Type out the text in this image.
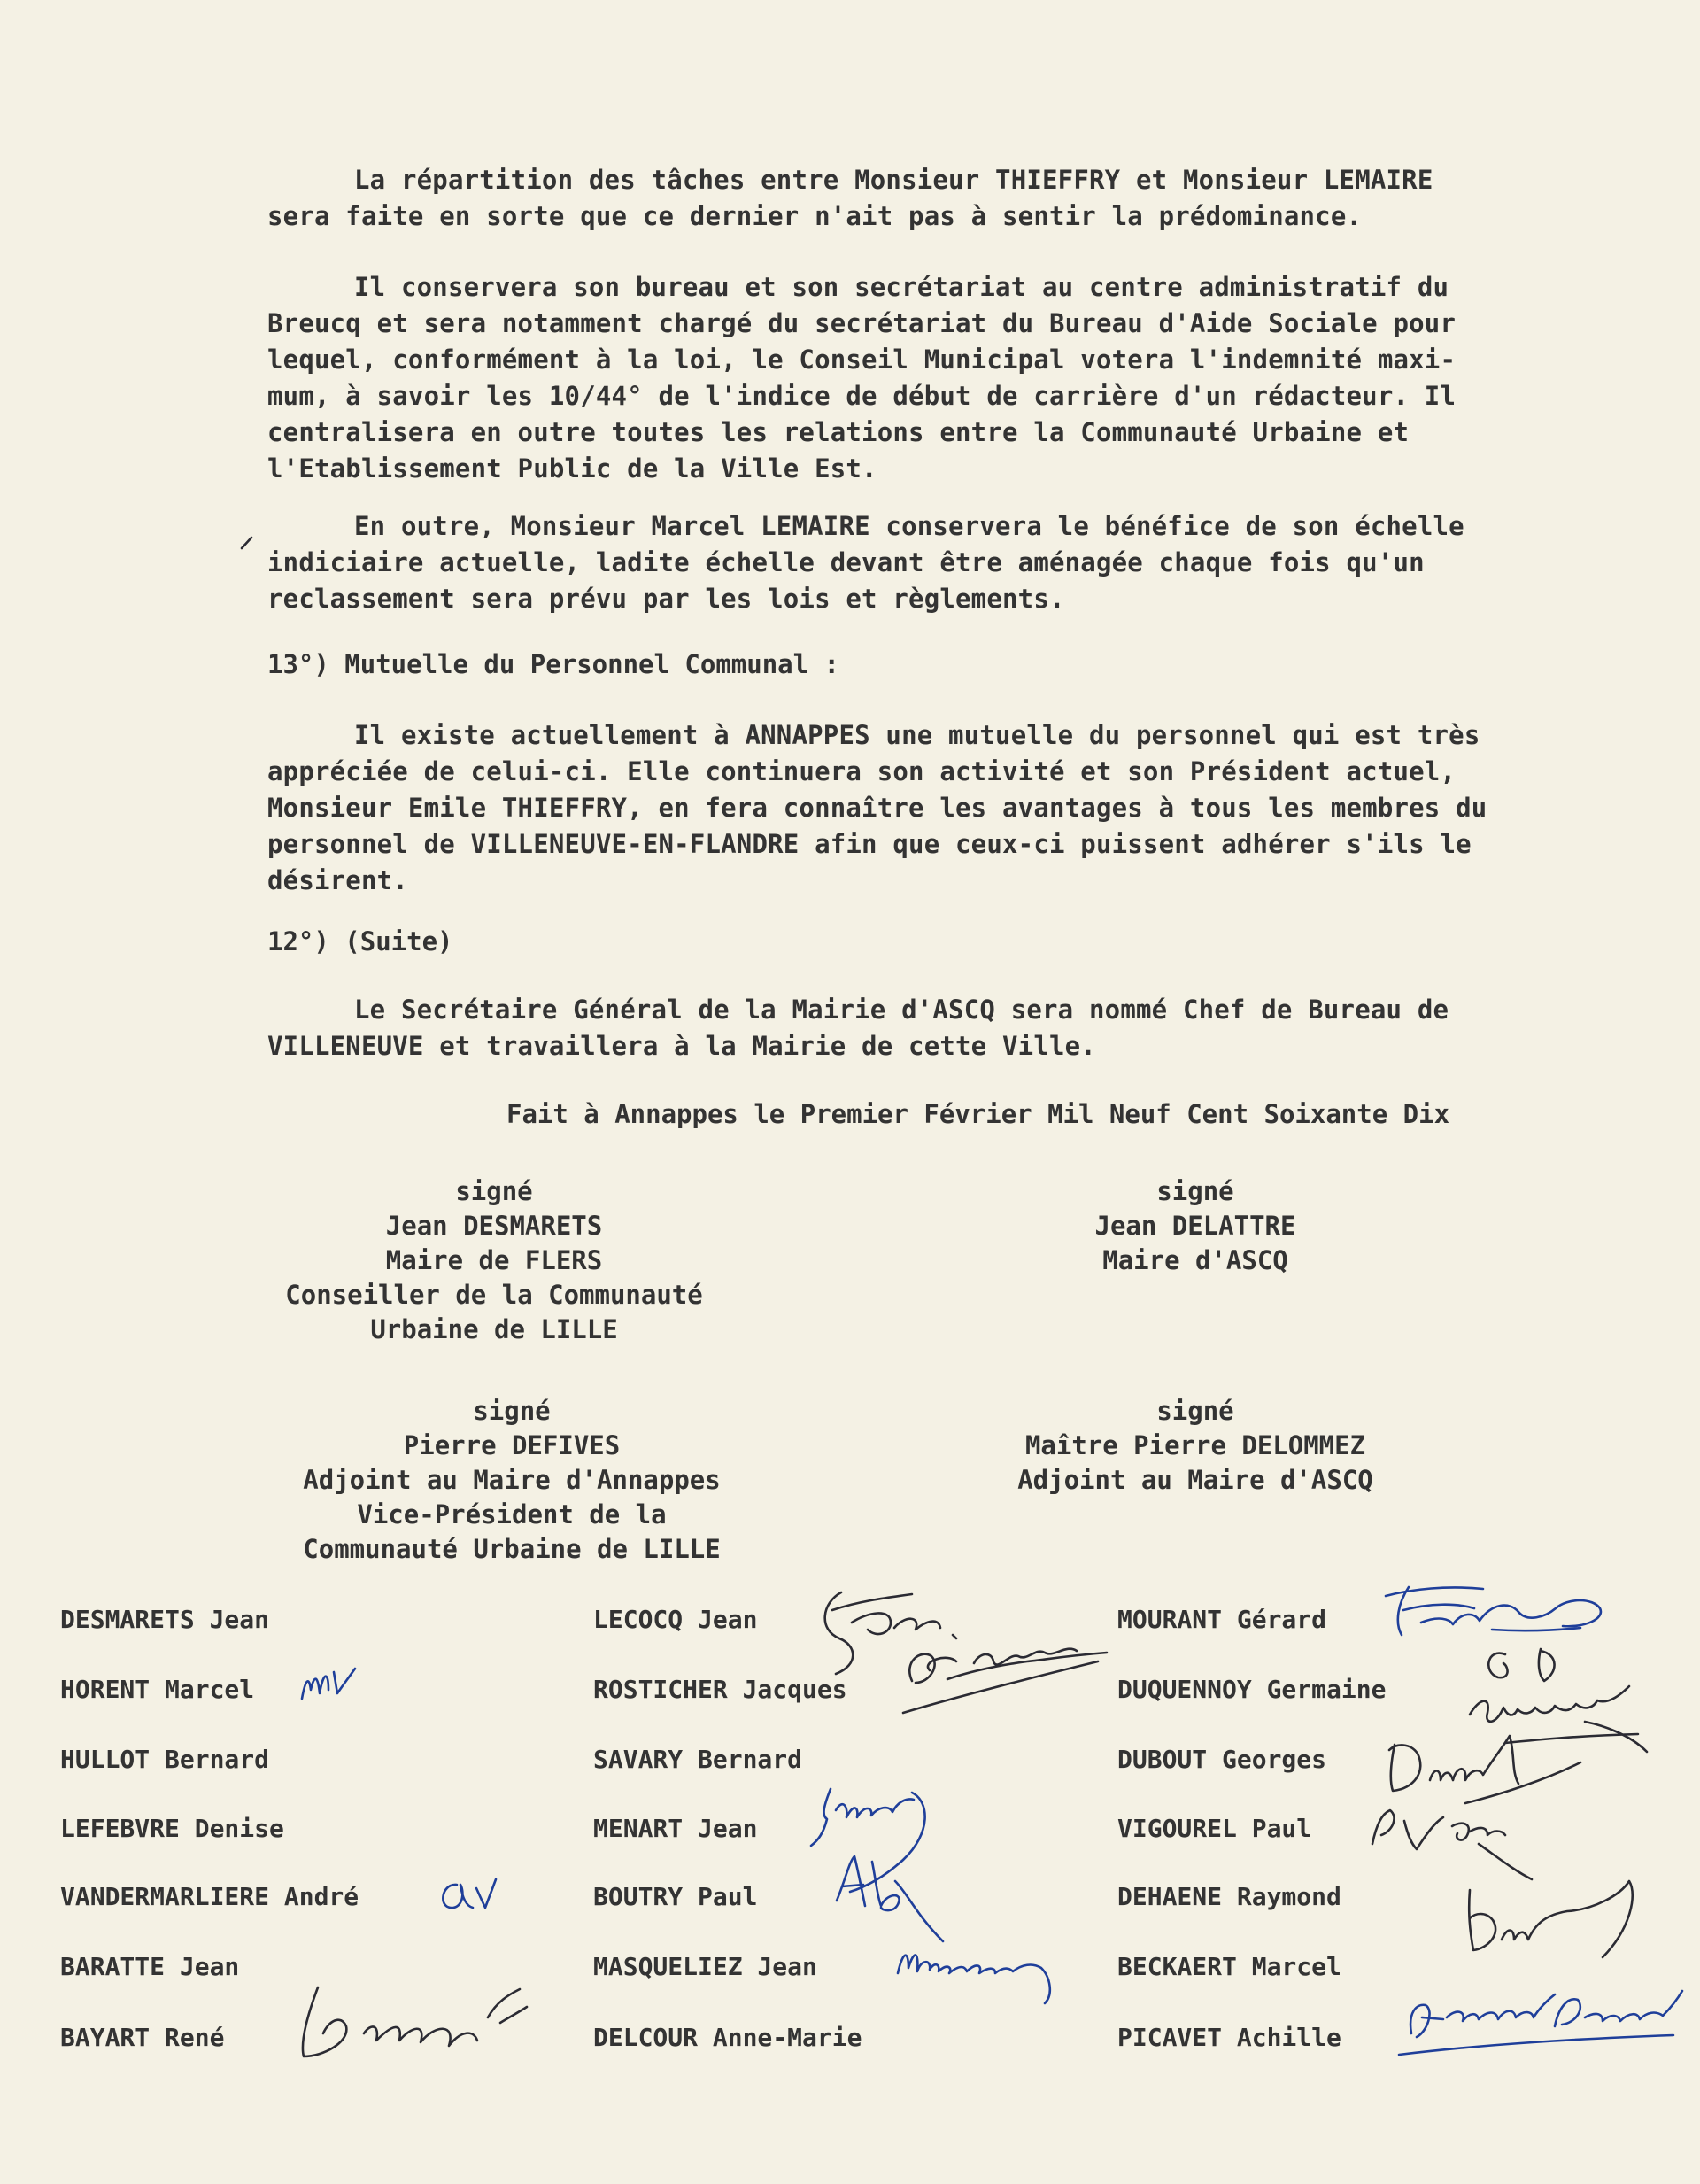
La répartition des tâches entre Monsieur THIEFFRY et Monsieur LEMAIRE
sera faite en sorte que ce dernier n'ait pas à sentir la prédominance.
Il conservera son bureau et son secrétariat au centre administratif du
Breucq et sera notamment chargé du secrétariat du Bureau d'Aide Sociale pour
lequel, conformément à la loi, le Conseil Municipal votera l'indemnité maxi-
mum, à savoir les 10/44° de l'indice de début de carrière d'un rédacteur. Il
centralisera en outre toutes les relations entre la Communauté Urbaine et
l'Etablissement Public de la Ville Est.
En outre, Monsieur Marcel LEMAIRE conservera le bénéfice de son échelle
indiciaire actuelle, ladite échelle devant être aménagée chaque fois qu'un
reclassement sera prévu par les lois et règlements.
13°) Mutuelle du Personnel Communal :
Il existe actuellement à ANNAPPES une mutuelle du personnel qui est très
appréciée de celui-ci. Elle continuera son activité et son Président actuel,
Monsieur Emile THIEFFRY, en fera connaître les avantages à tous les membres du
personnel de VILLENEUVE-EN-FLANDRE afin que ceux-ci puissent adhérer s'ils le
désirent.
12°) (Suite)
Le Secrétaire Général de la Mairie d'ASCQ sera nommé Chef de Bureau de
VILLENEUVE et travaillera à la Mairie de cette Ville.
Fait à Annappes le Premier Février Mil Neuf Cent Soixante Dix
signé
Jean DESMARETS
Maire de FLERS
Conseiller de la Communauté
Urbaine de LILLE
signé
Jean DELATTRE
Maire d'ASCQ
signé
Pierre DEFIVES
Adjoint au Maire d'Annappes
Vice-Président de la
Communauté Urbaine de LILLE
signé
Maître Pierre DELOMMEZ
Adjoint au Maire d'ASCQ
DESMARETS Jean
HORENT Marcel
HULLOT Bernard
LEFEBVRE Denise
VANDERMARLIERE André
BARATTE Jean
BAYART René
LECOCQ Jean
ROSTICHER Jacques
SAVARY Bernard
MENART Jean
BOUTRY Paul
MASQUELIEZ Jean
DELCOUR Anne-Marie
MOURANT Gérard
DUQUENNOY Germaine
DUBOUT Georges
VIGOUREL Paul
DEHAENE Raymond
BECKAERT Marcel
PICAVET Achille
